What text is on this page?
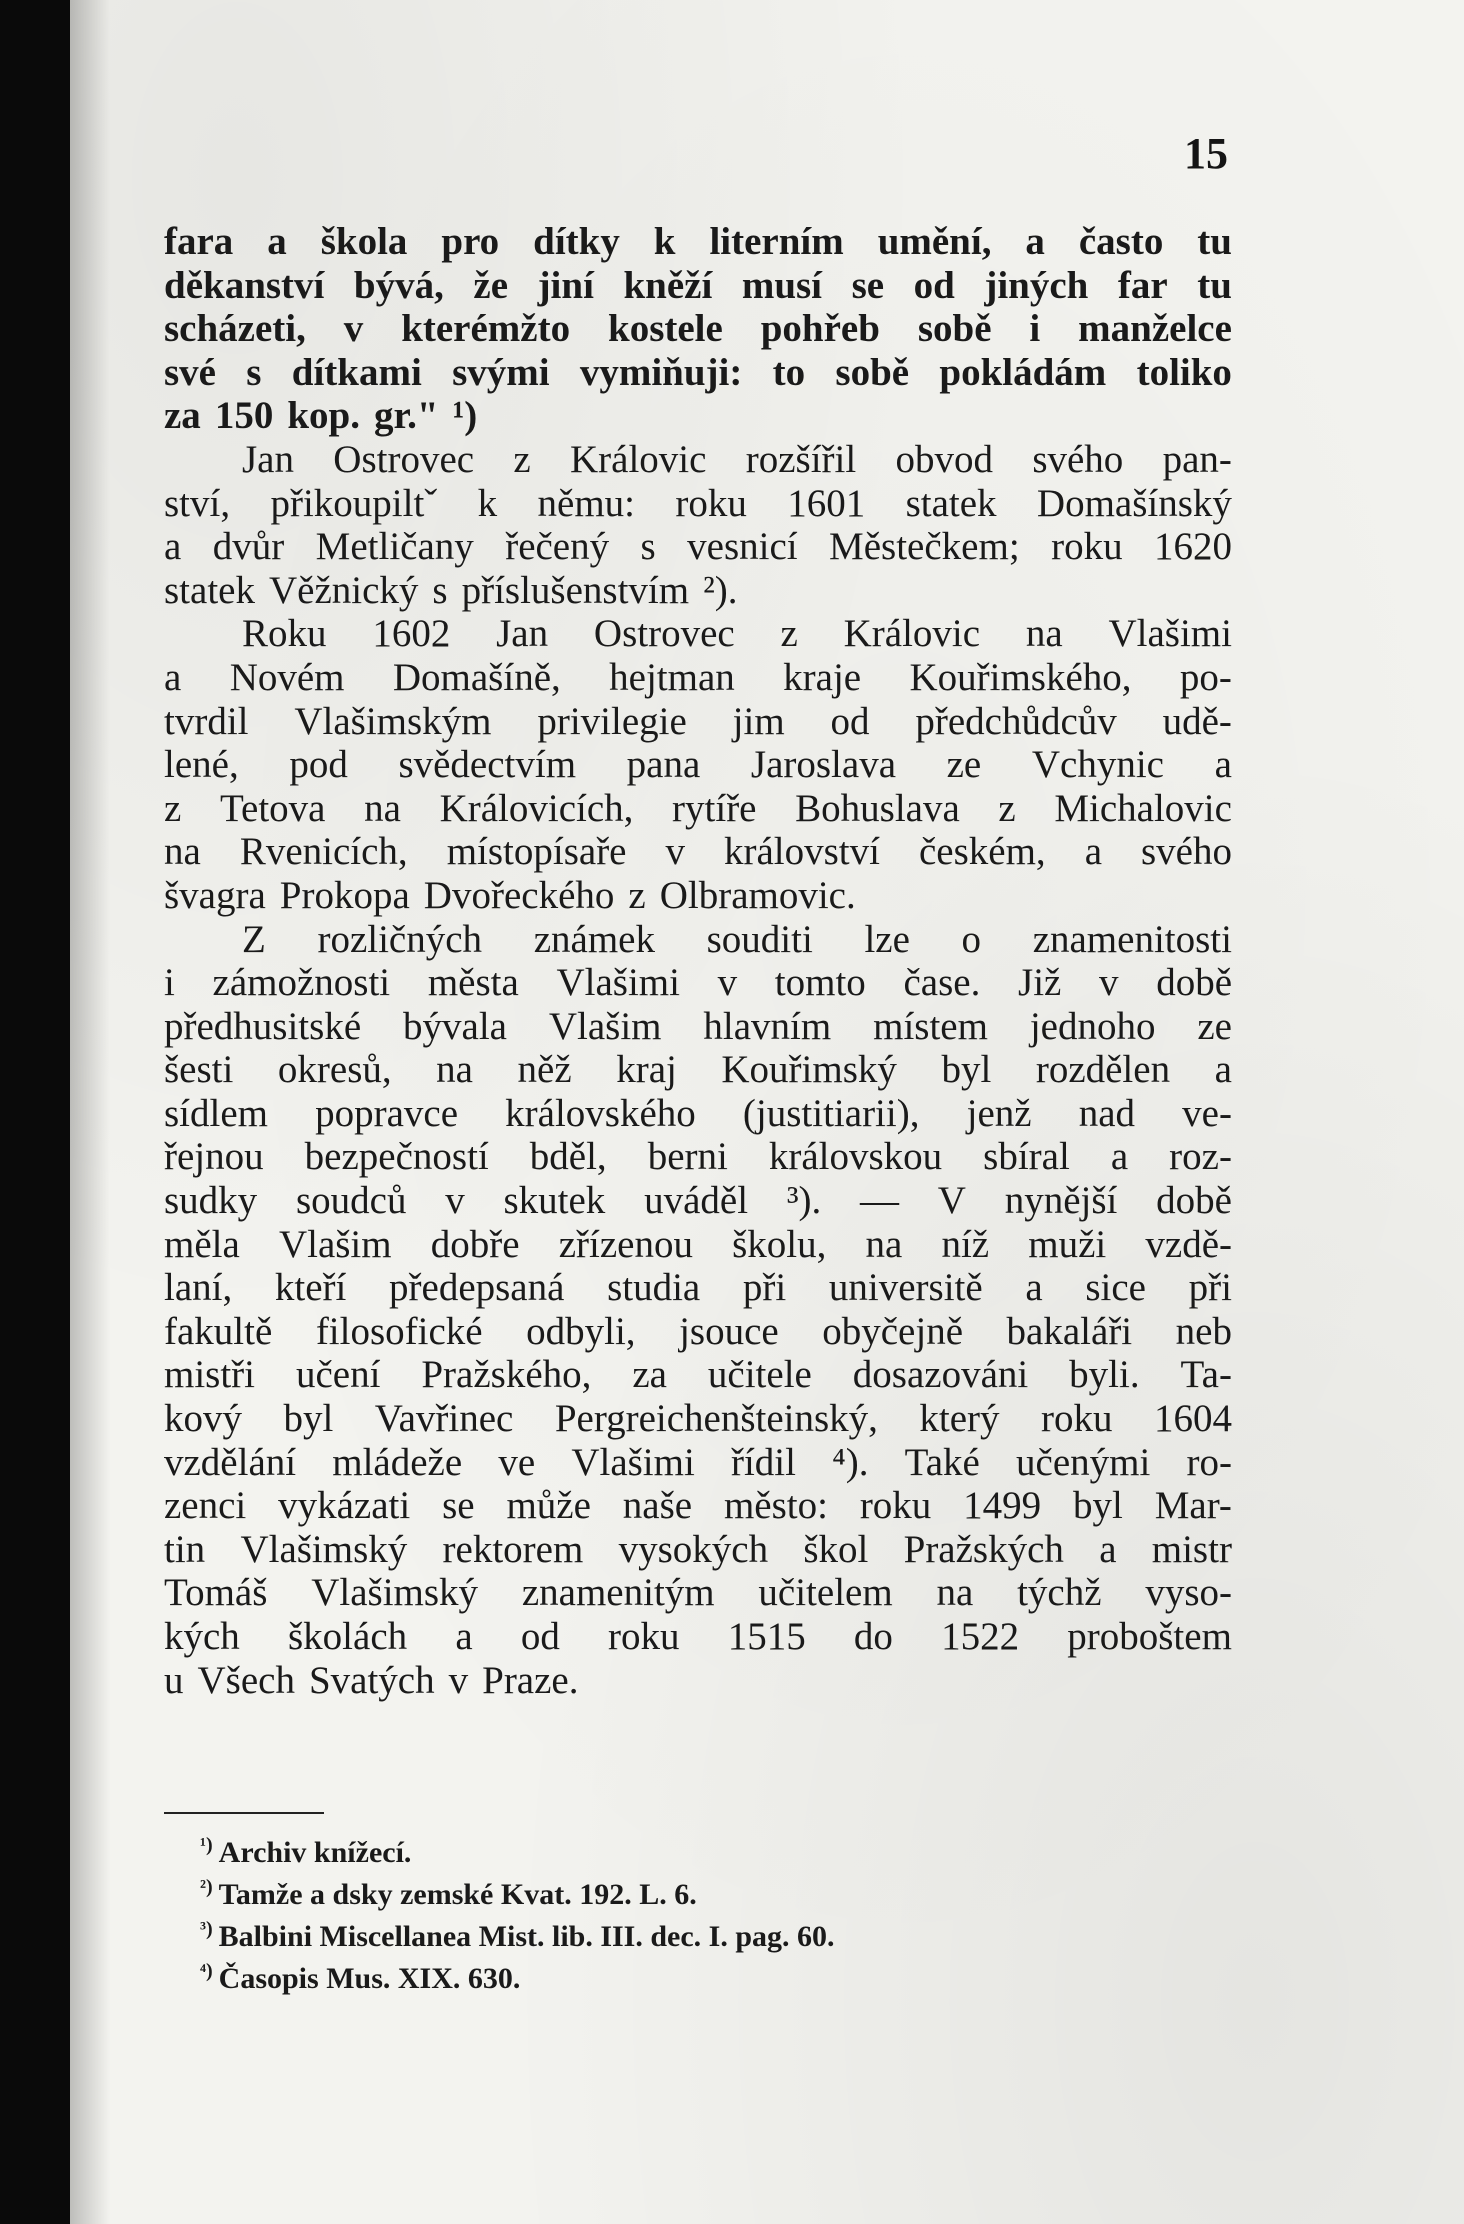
15
fara a škola pro dítky k literním umění, a často tu
děkanství bývá, že jiní kněží musí se od jiných far tu
scházeti, v kterémžto kostele pohřeb sobě i manželce
své s dítkami svými vymiňuji: to sobě pokládám toliko
za 150 kop. gr." ¹)
Jan Ostrovec z Královic rozšířil obvod svého pan-
ství, přikoupiltˇ k němu: roku 1601 statek Domašínský
a dvůr Metličany řečený s vesnicí Městečkem; roku 1620
statek Věžnický s příslušenstvím ²).
Roku 1602 Jan Ostrovec z Královic na Vlašimi
a Novém Domašíně, hejtman kraje Kouřimského, po-
tvrdil Vlašimským privilegie jim od předchůdcův udě-
lené, pod svědectvím pana Jaroslava ze Vchynic a
z Tetova na Královicích, rytíře Bohuslava z Michalovic
na Rvenicích, místopísaře v království českém, a svého
švagra Prokopa Dvořeckého z Olbramovic.
Z rozličných známek souditi lze o znamenitosti
i zámožnosti města Vlašimi v tomto čase. Již v době
předhusitské bývala Vlašim hlavním místem jednoho ze
šesti okresů, na něž kraj Kouřimský byl rozdělen a
sídlem popravce královského (justitiarii), jenž nad ve-
řejnou bezpečností bděl, berni královskou sbíral a roz-
sudky soudců v skutek uváděl ³). — V nynější době
měla Vlašim dobře zřízenou školu, na níž muži vzdě-
laní, kteří předepsaná studia při universitě a sice při
fakultě filosofické odbyli, jsouce obyčejně bakaláři neb
mistři učení Pražského, za učitele dosazováni byli. Ta-
kový byl Vavřinec Pergreichenšteinský, který roku 1604
vzdělání mládeže ve Vlašimi řídil ⁴). Také učenými ro-
zenci vykázati se může naše město: roku 1499 byl Mar-
tin Vlašimský rektorem vysokých škol Pražských a mistr
Tomáš Vlašimský znamenitým učitelem na týchž vyso-
kých školách a od roku 1515 do 1522 proboštem
u Všech Svatých v Praze.
$^{^1)}$ Archiv knížecí.
$^{^2)}$ Tamže a dsky zemské Kvat. 192. L. 6.
$^{^3)}$ Balbini Miscellanea Mist. lib. III. dec. I. pag. 60.
$^{^4)}$ Časopis Mus. XIX. 630.
